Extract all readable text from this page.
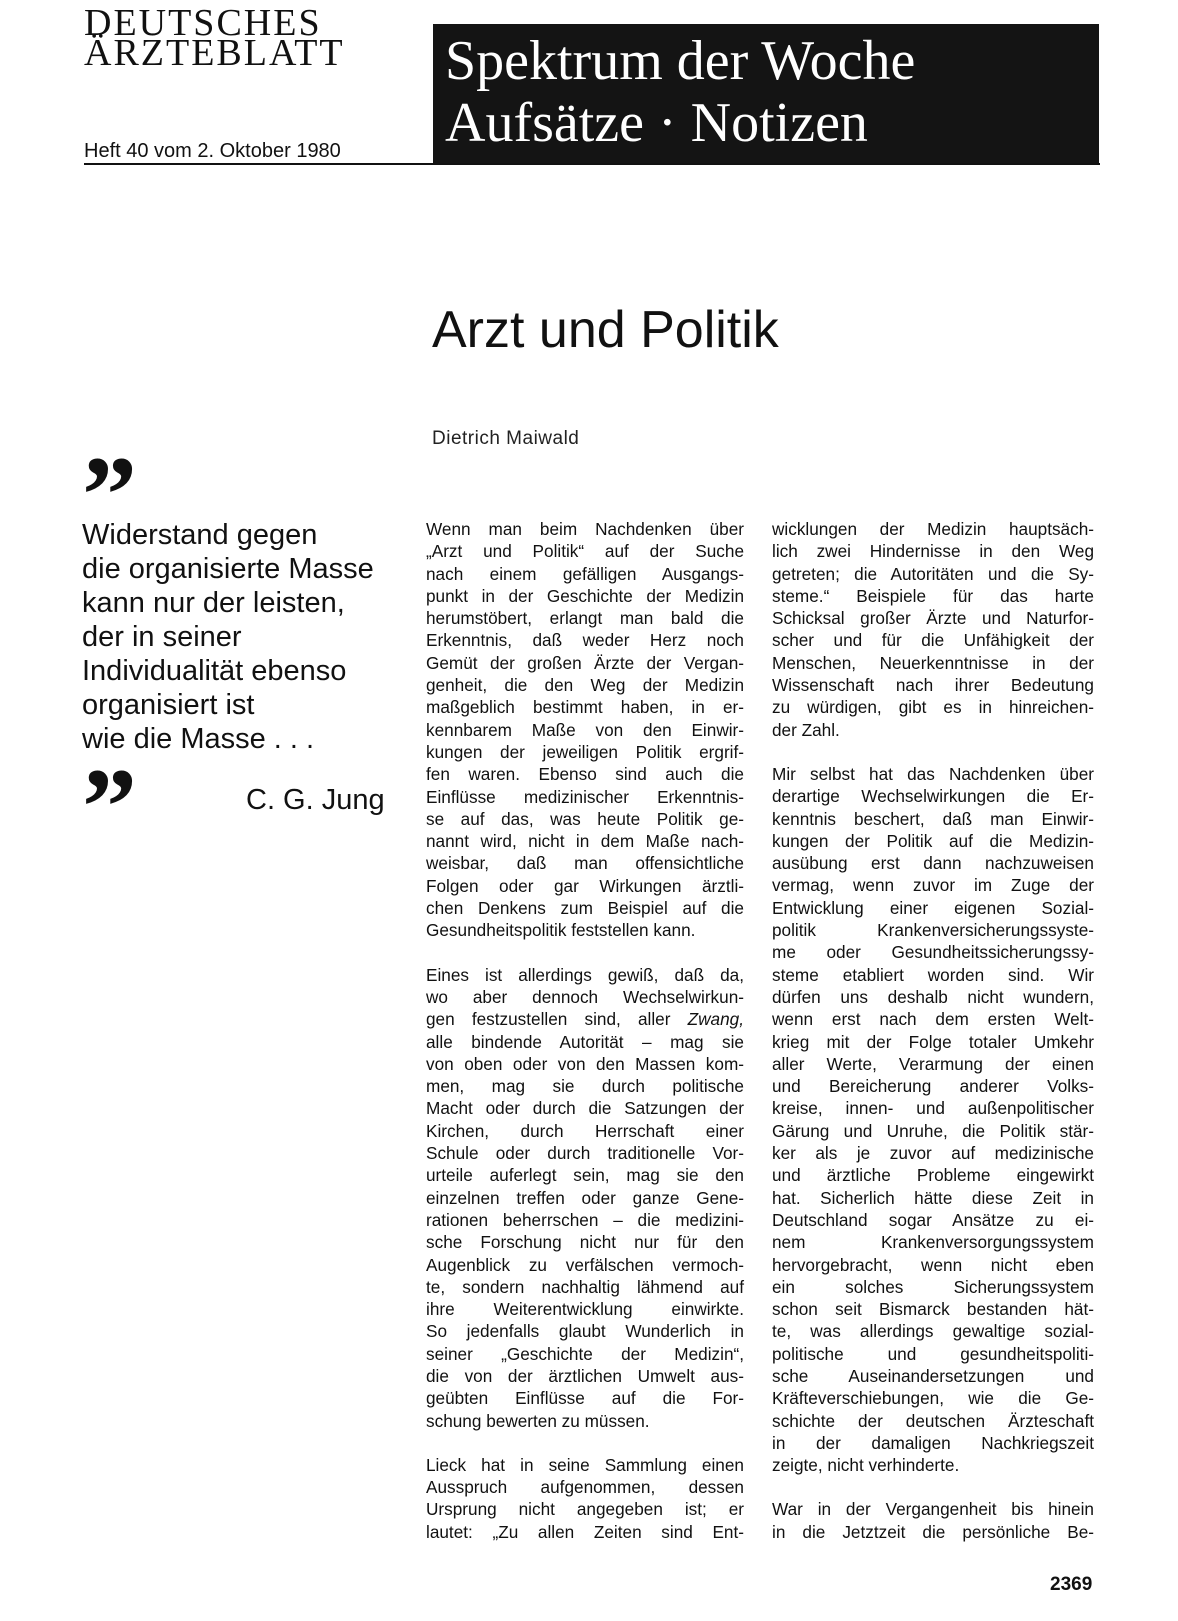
DEUTSCHES
ÄRZTEBLATT
Heft 40 vom 2. Oktober 1980
Spektrum der Woche
Aufsätze · Notizen
Arzt und Politik
Dietrich Maiwald
”
Widerstand gegen
die organisierte Masse
kann nur der leisten,
der in seiner
Individualität ebenso
organisiert ist
wie die Masse . . .
”	C. G. Jung

Wenn man beim Nachdenken über
„Arzt und Politik“ auf der Suche
nach einem gefälligen Ausgangs-
punkt in der Geschichte der Medizin
herumstöbert, erlangt man bald die
Erkenntnis, daß weder Herz noch
Gemüt der großen Ärzte der Vergan-
genheit, die den Weg der Medizin
maßgeblich bestimmt haben, in er-
kennbarem Maße von den Einwir-
kungen der jeweiligen Politik ergrif-
fen waren. Ebenso sind auch die
Einflüsse medizinischer Erkenntnis-
se auf das, was heute Politik ge-
nannt wird, nicht in dem Maße nach-
weisbar, daß man offensichtliche
Folgen oder gar Wirkungen ärztli-
chen Denkens zum Beispiel auf die
Gesundheitspolitik feststellen kann.

Eines ist allerdings gewiß, daß da,
wo aber dennoch Wechselwirkun-
gen festzustellen sind, aller Zwang,
alle bindende Autorität – mag sie
von oben oder von den Massen kom-
men, mag sie durch politische
Macht oder durch die Satzungen der
Kirchen, durch Herrschaft einer
Schule oder durch traditionelle Vor-
urteile auferlegt sein, mag sie den
einzelnen treffen oder ganze Gene-
rationen beherrschen – die medizini-
sche Forschung nicht nur für den
Augenblick zu verfälschen vermoch-
te, sondern nachhaltig lähmend auf
ihre Weiterentwicklung einwirkte.
So jedenfalls glaubt Wunderlich in
seiner „Geschichte der Medizin“,
die von der ärztlichen Umwelt aus-
geübten Einflüsse auf die For-
schung bewerten zu müssen.

Lieck hat in seine Sammlung einen
Ausspruch aufgenommen, dessen
Ursprung nicht angegeben ist; er
lautet: „Zu allen Zeiten sind Ent-

wicklungen der Medizin hauptsäch-
lich zwei Hindernisse in den Weg
getreten; die Autoritäten und die Sy-
steme.“ Beispiele für das harte
Schicksal großer Ärzte und Naturfor-
scher und für die Unfähigkeit der
Menschen, Neuerkenntnisse in der
Wissenschaft nach ihrer Bedeutung
zu würdigen, gibt es in hinreichen-
der Zahl.

Mir selbst hat das Nachdenken über
derartige Wechselwirkungen die Er-
kenntnis beschert, daß man Einwir-
kungen der Politik auf die Medizin-
ausübung erst dann nachzuweisen
vermag, wenn zuvor im Zuge der
Entwicklung einer eigenen Sozial-
politik Krankenversicherungssyste-
me oder Gesundheitssicherungssy-
steme etabliert worden sind. Wir
dürfen uns deshalb nicht wundern,
wenn erst nach dem ersten Welt-
krieg mit der Folge totaler Umkehr
aller Werte, Verarmung der einen
und Bereicherung anderer Volks-
kreise, innen- und außenpolitischer
Gärung und Unruhe, die Politik stär-
ker als je zuvor auf medizinische
und ärztliche Probleme eingewirkt
hat. Sicherlich hätte diese Zeit in
Deutschland sogar Ansätze zu ei-
nem Krankenversorgungssystem
hervorgebracht, wenn nicht eben
ein solches Sicherungssystem
schon seit Bismarck bestanden hät-
te, was allerdings gewaltige sozial-
politische und gesundheitspoliti-
sche Auseinandersetzungen und
Kräfteverschiebungen, wie die Ge-
schichte der deutschen Ärzteschaft
in der damaligen Nachkriegszeit
zeigte, nicht verhinderte.

War in der Vergangenheit bis hinein
in die Jetztzeit die persönliche Be-

2369
